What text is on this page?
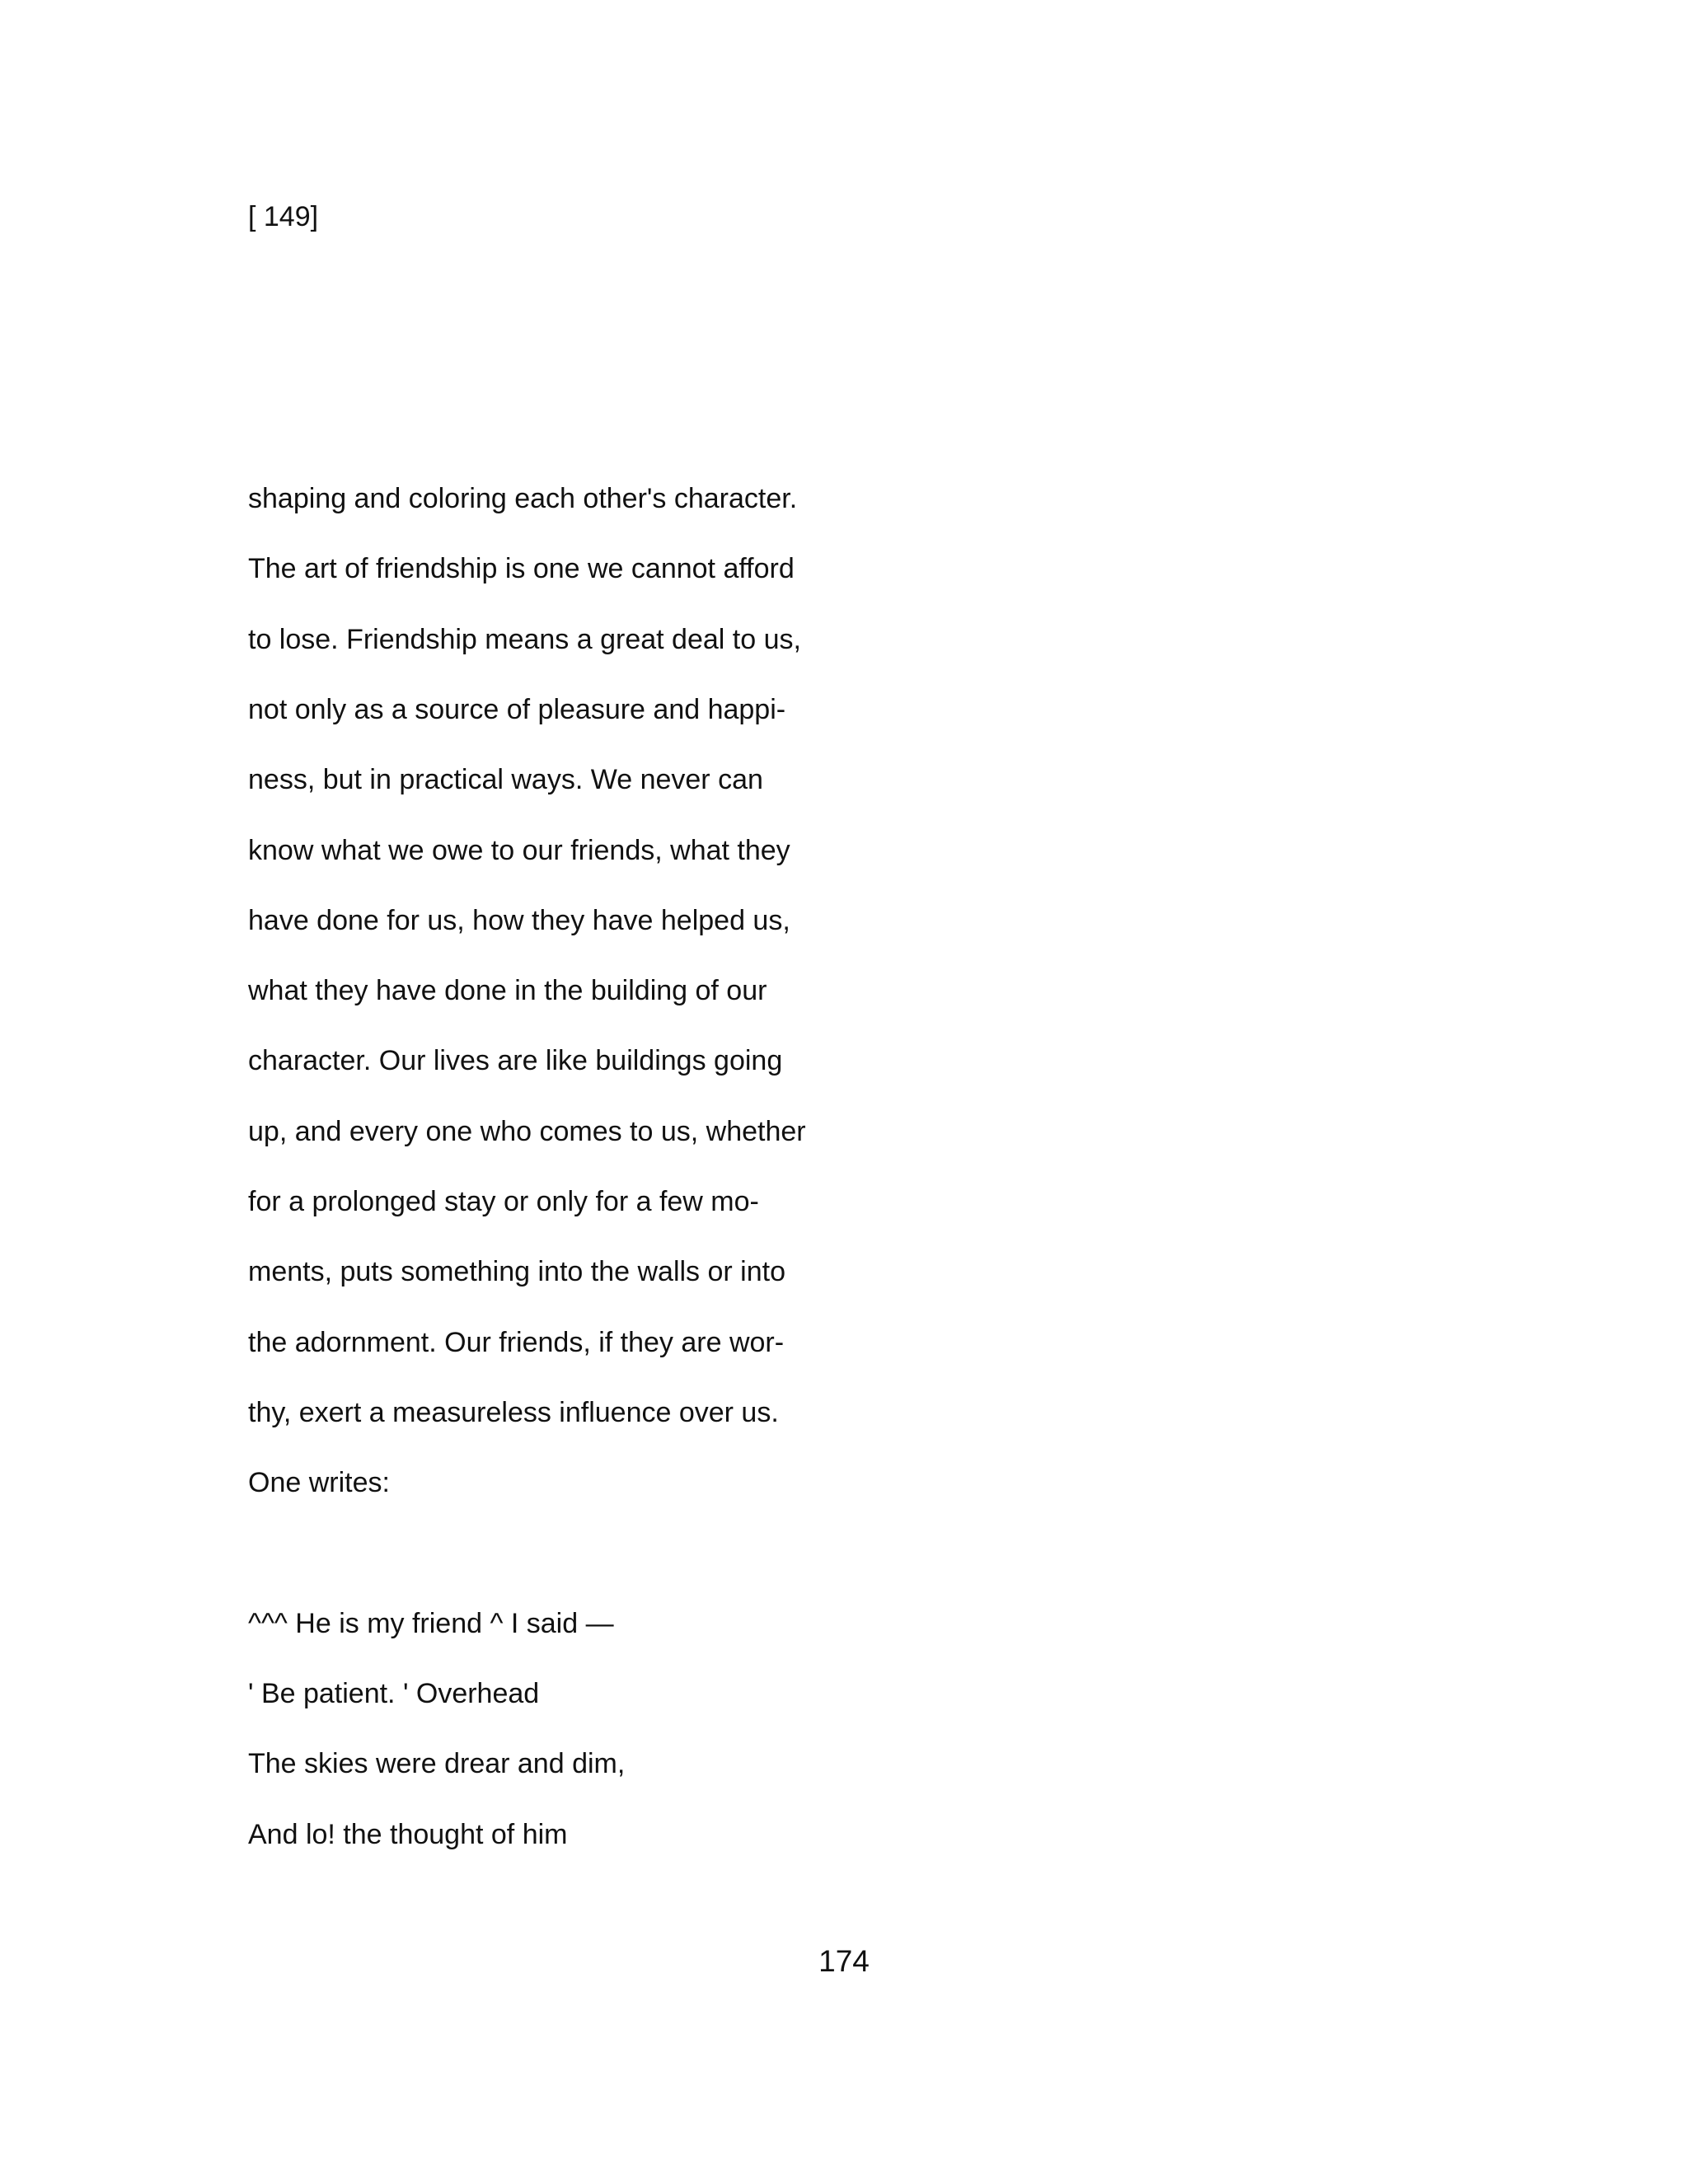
[ 149]
shaping and coloring each other's character.
The art of friendship is one we cannot afford
to lose. Friendship means a great deal to us,
not only as a source of pleasure and happi-
ness, but in practical ways. We never can
know what we owe to our friends, what they
have done for us, how they have helped us,
what they have done in the building of our
character. Our lives are like buildings going
up, and every one who comes to us, whether
for a prolonged stay or only for a few mo-
ments, puts something into the walls or into
the adornment. Our friends, if they are wor-
thy, exert a measureless influence over us.
One writes:
^^^ He is my friend ^ I said —
' Be patient. ' Overhead
The skies were drear and dim,
And lo! the thought of him
174
